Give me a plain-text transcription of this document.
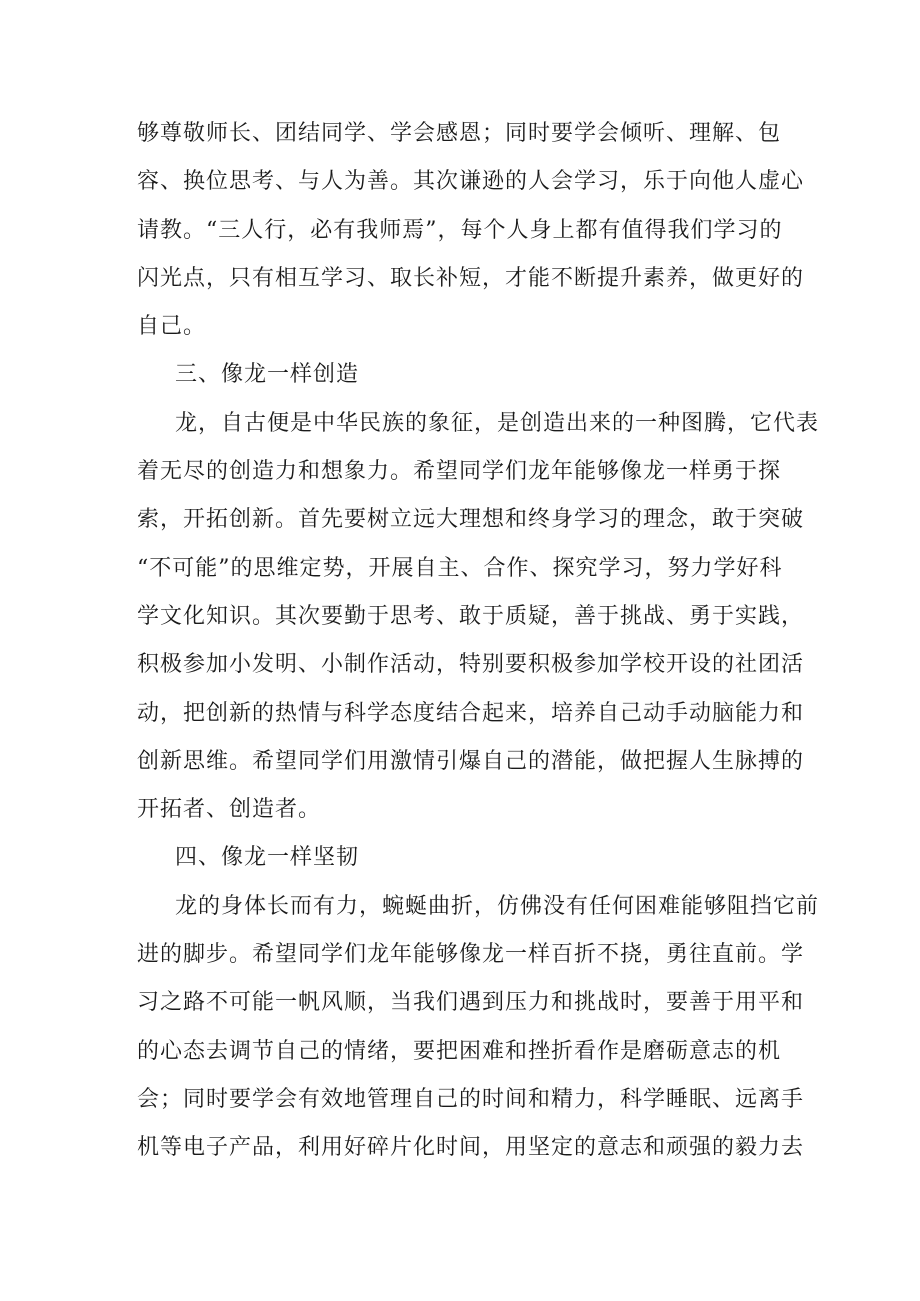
够尊敬师长、团结同学、学会感恩；同时要学会倾听、理解、包
容、换位思考、与人为善。其次谦逊的人会学习，乐于向他人虚心
请教。“三人行，必有我师焉”，每个人身上都有值得我们学习的
闪光点，只有相互学习、取长补短，才能不断提升素养，做更好的
自己。
三、像龙一样创造
龙，自古便是中华民族的象征，是创造出来的一种图腾，它代表
着无尽的创造力和想象力。希望同学们龙年能够像龙一样勇于探
索，开拓创新。首先要树立远大理想和终身学习的理念，敢于突破
“不可能”的思维定势，开展自主、合作、探究学习，努力学好科
学文化知识。其次要勤于思考、敢于质疑，善于挑战、勇于实践，
积极参加小发明、小制作活动，特别要积极参加学校开设的社团活
动，把创新的热情与科学态度结合起来，培养自己动手动脑能力和
创新思维。希望同学们用激情引爆自己的潜能，做把握人生脉搏的
开拓者、创造者。
四、像龙一样坚韧
龙的身体长而有力，蜿蜒曲折，仿佛没有任何困难能够阻挡它前
进的脚步。希望同学们龙年能够像龙一样百折不挠，勇往直前。学
习之路不可能一帆风顺，当我们遇到压力和挑战时，要善于用平和
的心态去调节自己的情绪，要把困难和挫折看作是磨砺意志的机
会；同时要学会有效地管理自己的时间和精力，科学睡眠、远离手
机等电子产品，利用好碎片化时间，用坚定的意志和顽强的毅力去
